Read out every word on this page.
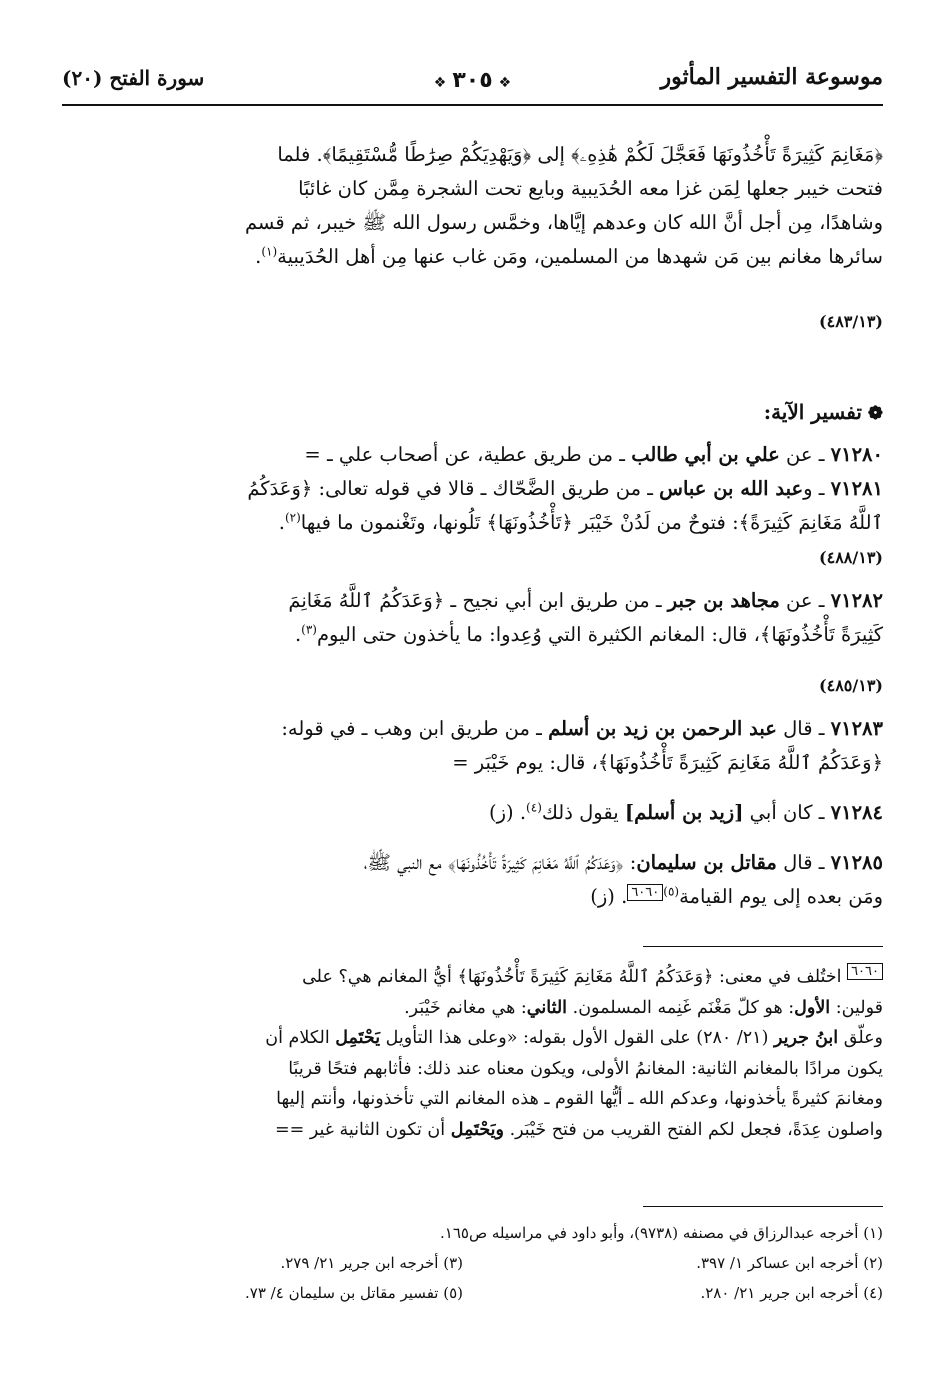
موسوعة التفسير المأثور
❖٣٠٥❖
سورة الفتح (٢٠)
﴿مَغَانِمَ كَثِيرَةً تَأْخُذُونَهَا فَعَجَّلَ لَكُمْ هَٰذِهِۦ﴾ إلى ﴿وَيَهْدِيَكُمْ صِرَٰطًا مُّسْتَقِيمًا﴾. فلما
فتحت خيبر جعلها لِمَن غزا معه الحُدَيبية وبايع تحت الشجرة مِمَّن كان غائبًا
وشاهدًا، مِن أجل أنَّ الله كان وعدهم إيَّاها، وخمَّس رسول الله ﷺ خيبر، ثم قسم
سائرها مغانم بين مَن شهدها من المسلمين، ومَن غاب عنها مِن أهل الحُدَيبية$^{(١)}$.
(٤٨٣/١٣)
❁تفسير الآية:
٧١٢٨٠ ـ عن علي بن أبي طالب ـ من طريق عطية، عن أصحاب علي ـ =
٧١٢٨١ ـ وعبد الله بن عباس ـ من طريق الضَّحّاك ـ قالا في قوله تعالى: ﴿وَعَدَكُمُ
ٱللَّهُ مَغَانِمَ كَثِيرَةً﴾: فتوحٌ من لَدُنْ خَيْبَر ﴿تَأْخُذُونَهَا﴾ تَلُونها، وتَغْنمون ما فيها$^{(٢)}$.
(٤٨٨/١٣)
٧١٢٨٢ ـ عن مجاهد بن جبر ـ من طريق ابن أبي نجيح ـ ﴿وَعَدَكُمُ ٱللَّهُ مَغَانِمَ
كَثِيرَةً تَأْخُذُونَهَا﴾، قال: المغانم الكثيرة التي وُعِدوا: ما يأخذون حتى اليوم$^{(٣)}$.
(٤٨٥/١٣)
٧١٢٨٣ ـ قال عبد الرحمن بن زيد بن أسلم ـ من طريق ابن وهب ـ في قوله:
﴿وَعَدَكُمُ ٱللَّهُ مَغَانِمَ كَثِيرَةً تَأْخُذُونَهَا﴾، قال: يوم خَيْبَر =
٧١٢٨٤ ـ كان أبي [زيد بن أسلم] يقول ذلك$^{(٤)}$. (ز)
٧١٢٨٥ ـ قال مقاتل بن سليمان: ﴿وَعَدَكُمُ ٱللَّهُ مَغَانِمَ كَثِيرَةً تَأْخُذُونَهَا﴾ مع النبي ﷺ،
ومَن بعده إلى يوم القيامة$^{(٥)}$٦٠٦٠. (ز)
٦٠٦٠ اختُلف في معنى: ﴿وَعَدَكُمُ ٱللَّهُ مَغَانِمَ كَثِيرَةً تَأْخُذُونَهَا﴾ أيُّ المغانم هي؟ على
قولين: الأول: هو كلّ مَغْنَم غَنِمه المسلمون. الثاني: هي مغانم خَيْبَر.
وعلّق ابنُ جرير (٢١/ ٢٨٠) على القول الأول بقوله: «وعلى هذا التأويل يَحْتَمِل الكلام أن
يكون مرادًا بالمغانم الثانية: المغانمُ الأولى، ويكون معناه عند ذلك: فأثابهم فتحًا قريبًا
ومغانمَ كثيرةً يأخذونها، وعدكم الله ـ أيُّها القوم ـ هذه المغانم التي تأخذونها، وأنتم إليها
واصلون عِدَةً، فجعل لكم الفتح القريب من فتح خَيْبَر. ويَحْتَمِل أن تكون الثانية غير ==
(١) أخرجه عبدالرزاق في مصنفه (٩٧٣٨)، وأبو داود في مراسيله ص١٦٥.
(٢) أخرجه ابن عساكر ١/ ٣٩٧.
(٣) أخرجه ابن جرير ٢١/ ٢٧٩.
(٤) أخرجه ابن جرير ٢١/ ٢٨٠.
(٥) تفسير مقاتل بن سليمان ٤/ ٧٣.
